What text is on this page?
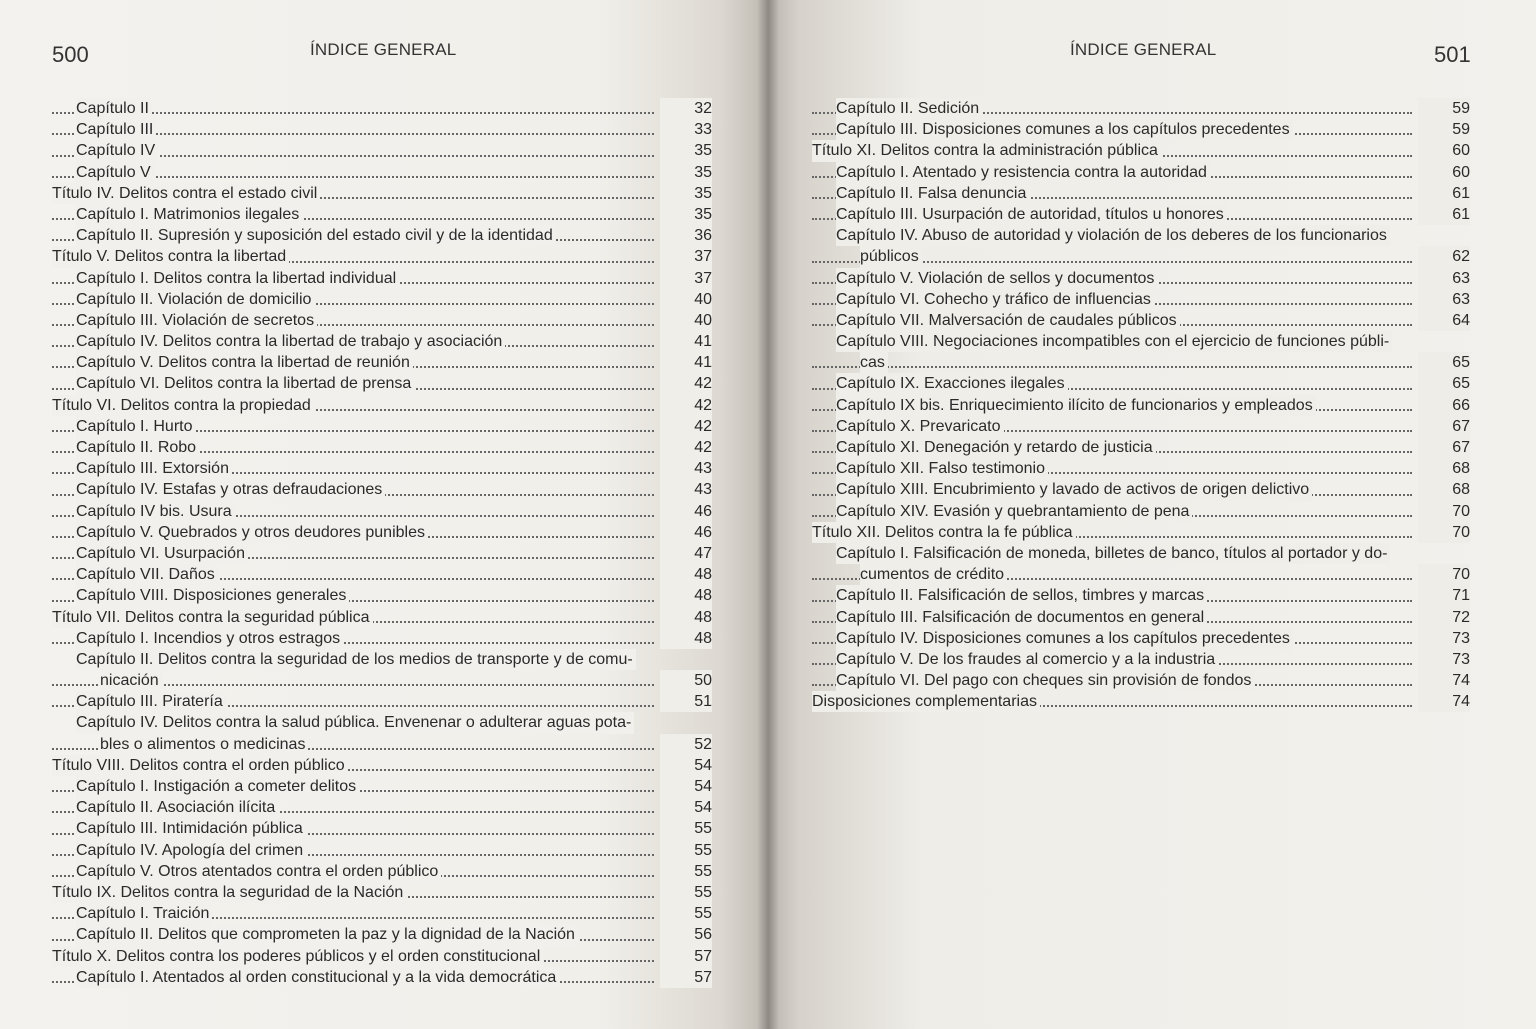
500	ÍNDICE GENERAL
Capítulo II	32
Capítulo III	33
Capítulo IV	35
Capítulo V	35
Título IV. Delitos contra el estado civil	35
Capítulo I. Matrimonios ilegales	35
Capítulo II. Supresión y suposición del estado civil y de la identidad	36
Título V. Delitos contra la libertad	37
Capítulo I. Delitos contra la libertad individual	37
Capítulo II. Violación de domicilio	40
Capítulo III. Violación de secretos	40
Capítulo IV. Delitos contra la libertad de trabajo y asociación	41
Capítulo V. Delitos contra la libertad de reunión	41
Capítulo VI. Delitos contra la libertad de prensa	42
Título VI. Delitos contra la propiedad	42
Capítulo I. Hurto	42
Capítulo II. Robo	42
Capítulo III. Extorsión	43
Capítulo IV. Estafas y otras defraudaciones	43
Capítulo IV bis. Usura	46
Capítulo V. Quebrados y otros deudores punibles	46
Capítulo VI. Usurpación	47
Capítulo VII. Daños	48
Capítulo VIII. Disposiciones generales	48
Título VII. Delitos contra la seguridad pública	48
Capítulo I. Incendios y otros estragos	48
Capítulo II. Delitos contra la seguridad de los medios de transporte y de comu-
nicación	50
Capítulo III. Piratería	51
Capítulo IV. Delitos contra la salud pública. Envenenar o adulterar aguas pota-
bles o alimentos o medicinas	52
Título VIII. Delitos contra el orden público	54
Capítulo I. Instigación a cometer delitos	54
Capítulo II. Asociación ilícita	54
Capítulo III. Intimidación pública	55
Capítulo IV. Apología del crimen	55
Capítulo V. Otros atentados contra el orden público	55
Título IX. Delitos contra la seguridad de la Nación	55
Capítulo I. Traición	55
Capítulo II. Delitos que comprometen la paz y la dignidad de la Nación	56
Título X. Delitos contra los poderes públicos y el orden constitucional	57
Capítulo I. Atentados al orden constitucional y a la vida democrática	57
ÍNDICE GENERAL	501
Capítulo II. Sedición	59
Capítulo III. Disposiciones comunes a los capítulos precedentes	59
Título XI. Delitos contra la administración pública	60
Capítulo I. Atentado y resistencia contra la autoridad	60
Capítulo II. Falsa denuncia	61
Capítulo III. Usurpación de autoridad, títulos u honores	61
Capítulo IV. Abuso de autoridad y violación de los deberes de los funcionarios
públicos	62
Capítulo V. Violación de sellos y documentos	63
Capítulo VI. Cohecho y tráfico de influencias	63
Capítulo VII. Malversación de caudales públicos	64
Capítulo VIII. Negociaciones incompatibles con el ejercicio de funciones públi-
cas	65
Capítulo IX. Exacciones ilegales	65
Capítulo IX bis. Enriquecimiento ilícito de funcionarios y empleados	66
Capítulo X. Prevaricato	67
Capítulo XI. Denegación y retardo de justicia	67
Capítulo XII. Falso testimonio	68
Capítulo XIII. Encubrimiento y lavado de activos de origen delictivo	68
Capítulo XIV. Evasión y quebrantamiento de pena	70
Título XII. Delitos contra la fe pública	70
Capítulo I. Falsificación de moneda, billetes de banco, títulos al portador y do-
cumentos de crédito	70
Capítulo II. Falsificación de sellos, timbres y marcas	71
Capítulo III. Falsificación de documentos en general	72
Capítulo IV. Disposiciones comunes a los capítulos precedentes	73
Capítulo V. De los fraudes al comercio y a la industria	73
Capítulo VI. Del pago con cheques sin provisión de fondos	74
Disposiciones complementarias	74
